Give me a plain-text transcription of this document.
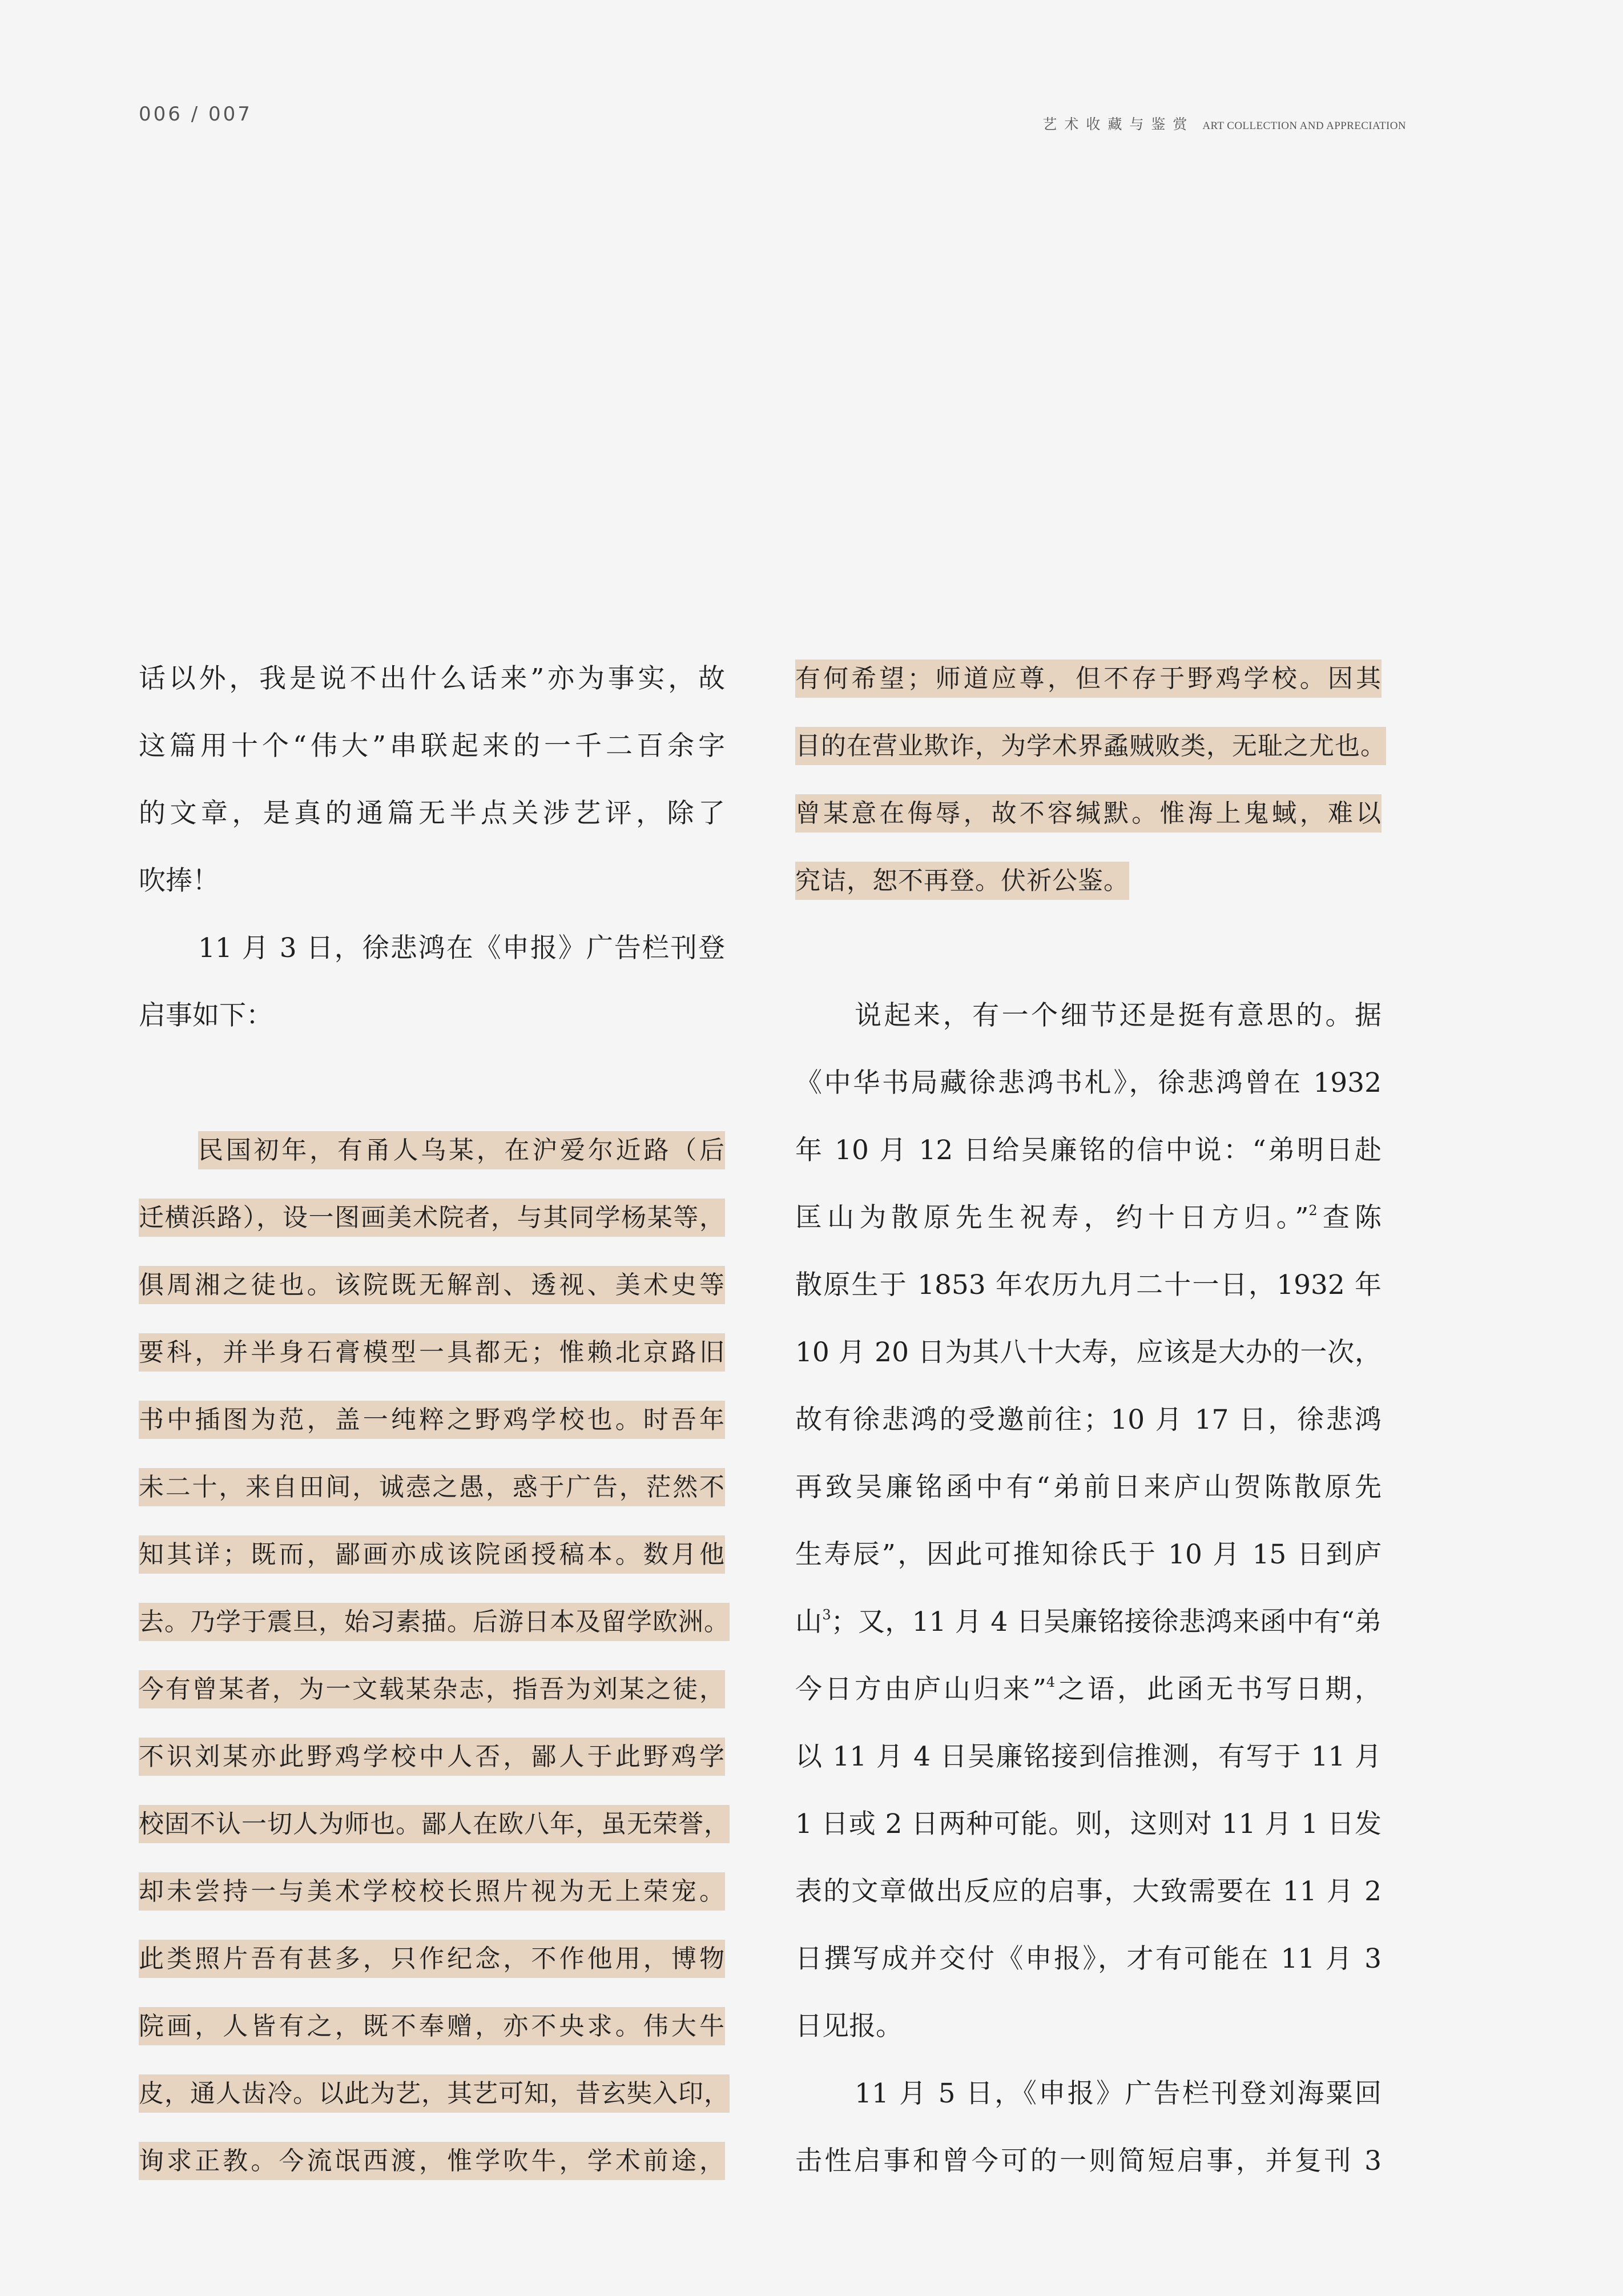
006 / 007	艺术收藏与鉴赏 ART COLLECTION AND APPRECIATION
话以外，我是说不出什么话来”亦为事实，故
这篇用十个“伟大”串联起来的一千二百余字
的文章，是真的通篇无半点关涉艺评，除了
吹捧！
11 月 3 日，徐悲鸿在《申报》广告栏刊登
启事如下：
民国初年，有甬人乌某，在沪爱尔近路（后
迁横浜路），设一图画美术院者，与其同学杨某等，
俱周湘之徒也。该院既无解剖、透视、美术史等
要科，并半身石膏模型一具都无；惟赖北京路旧
书中插图为范，盖一纯粹之野鸡学校也。时吾年
未二十，来自田间，诚悫之愚，惑于广告，茫然不
知其详；既而，鄙画亦成该院函授稿本。数月他
去。乃学于震旦，始习素描。后游日本及留学欧洲。
今有曾某者，为一文载某杂志，指吾为刘某之徒，
不识刘某亦此野鸡学校中人否，鄙人于此野鸡学
校固不认一切人为师也。鄙人在欧八年，虽无荣誉，
却未尝持一与美术学校校长照片视为无上荣宠。
此类照片吾有甚多，只作纪念，不作他用，博物
院画，人皆有之，既不奉赠，亦不央求。伟大牛
皮，通人齿冷。以此为艺，其艺可知，昔玄奘入印，
询求正教。今流氓西渡，惟学吹牛，学术前途，
有何希望；师道应尊，但不存于野鸡学校。因其
目的在营业欺诈，为学术界蟊贼败类，无耻之尤也。
曾某意在侮辱，故不容缄默。惟海上鬼蜮，难以
究诘，恕不再登。伏祈公鉴。
说起来，有一个细节还是挺有意思的。据
《中华书局藏徐悲鸿书札》，徐悲鸿曾在 1932
年 10 月 12 日给吴廉铭的信中说：“弟明日赴
匡山为散原先生祝寿，约十日方归。”$^2$查陈
散原生于 1853 年农历九月二十一日，1932 年
10 月 20 日为其八十大寿，应该是大办的一次，
故有徐悲鸿的受邀前往；10 月 17 日，徐悲鸿
再致吴廉铭函中有“弟前日来庐山贺陈散原先
生寿辰”，因此可推知徐氏于 10 月 15 日到庐
山$^3$；又，11 月 4 日吴廉铭接徐悲鸿来函中有“弟
今日方由庐山归来”$^4$之语，此函无书写日期，
以 11 月 4 日吴廉铭接到信推测，有写于 11 月
1 日或 2 日两种可能。则，这则对 11 月 1 日发
表的文章做出反应的启事，大致需要在 11 月 2
日撰写成并交付《申报》，才有可能在 11 月 3
日见报。
11 月 5 日，《申报》广告栏刊登刘海粟回
击性启事和曾今可的一则简短启事，并复刊 3
